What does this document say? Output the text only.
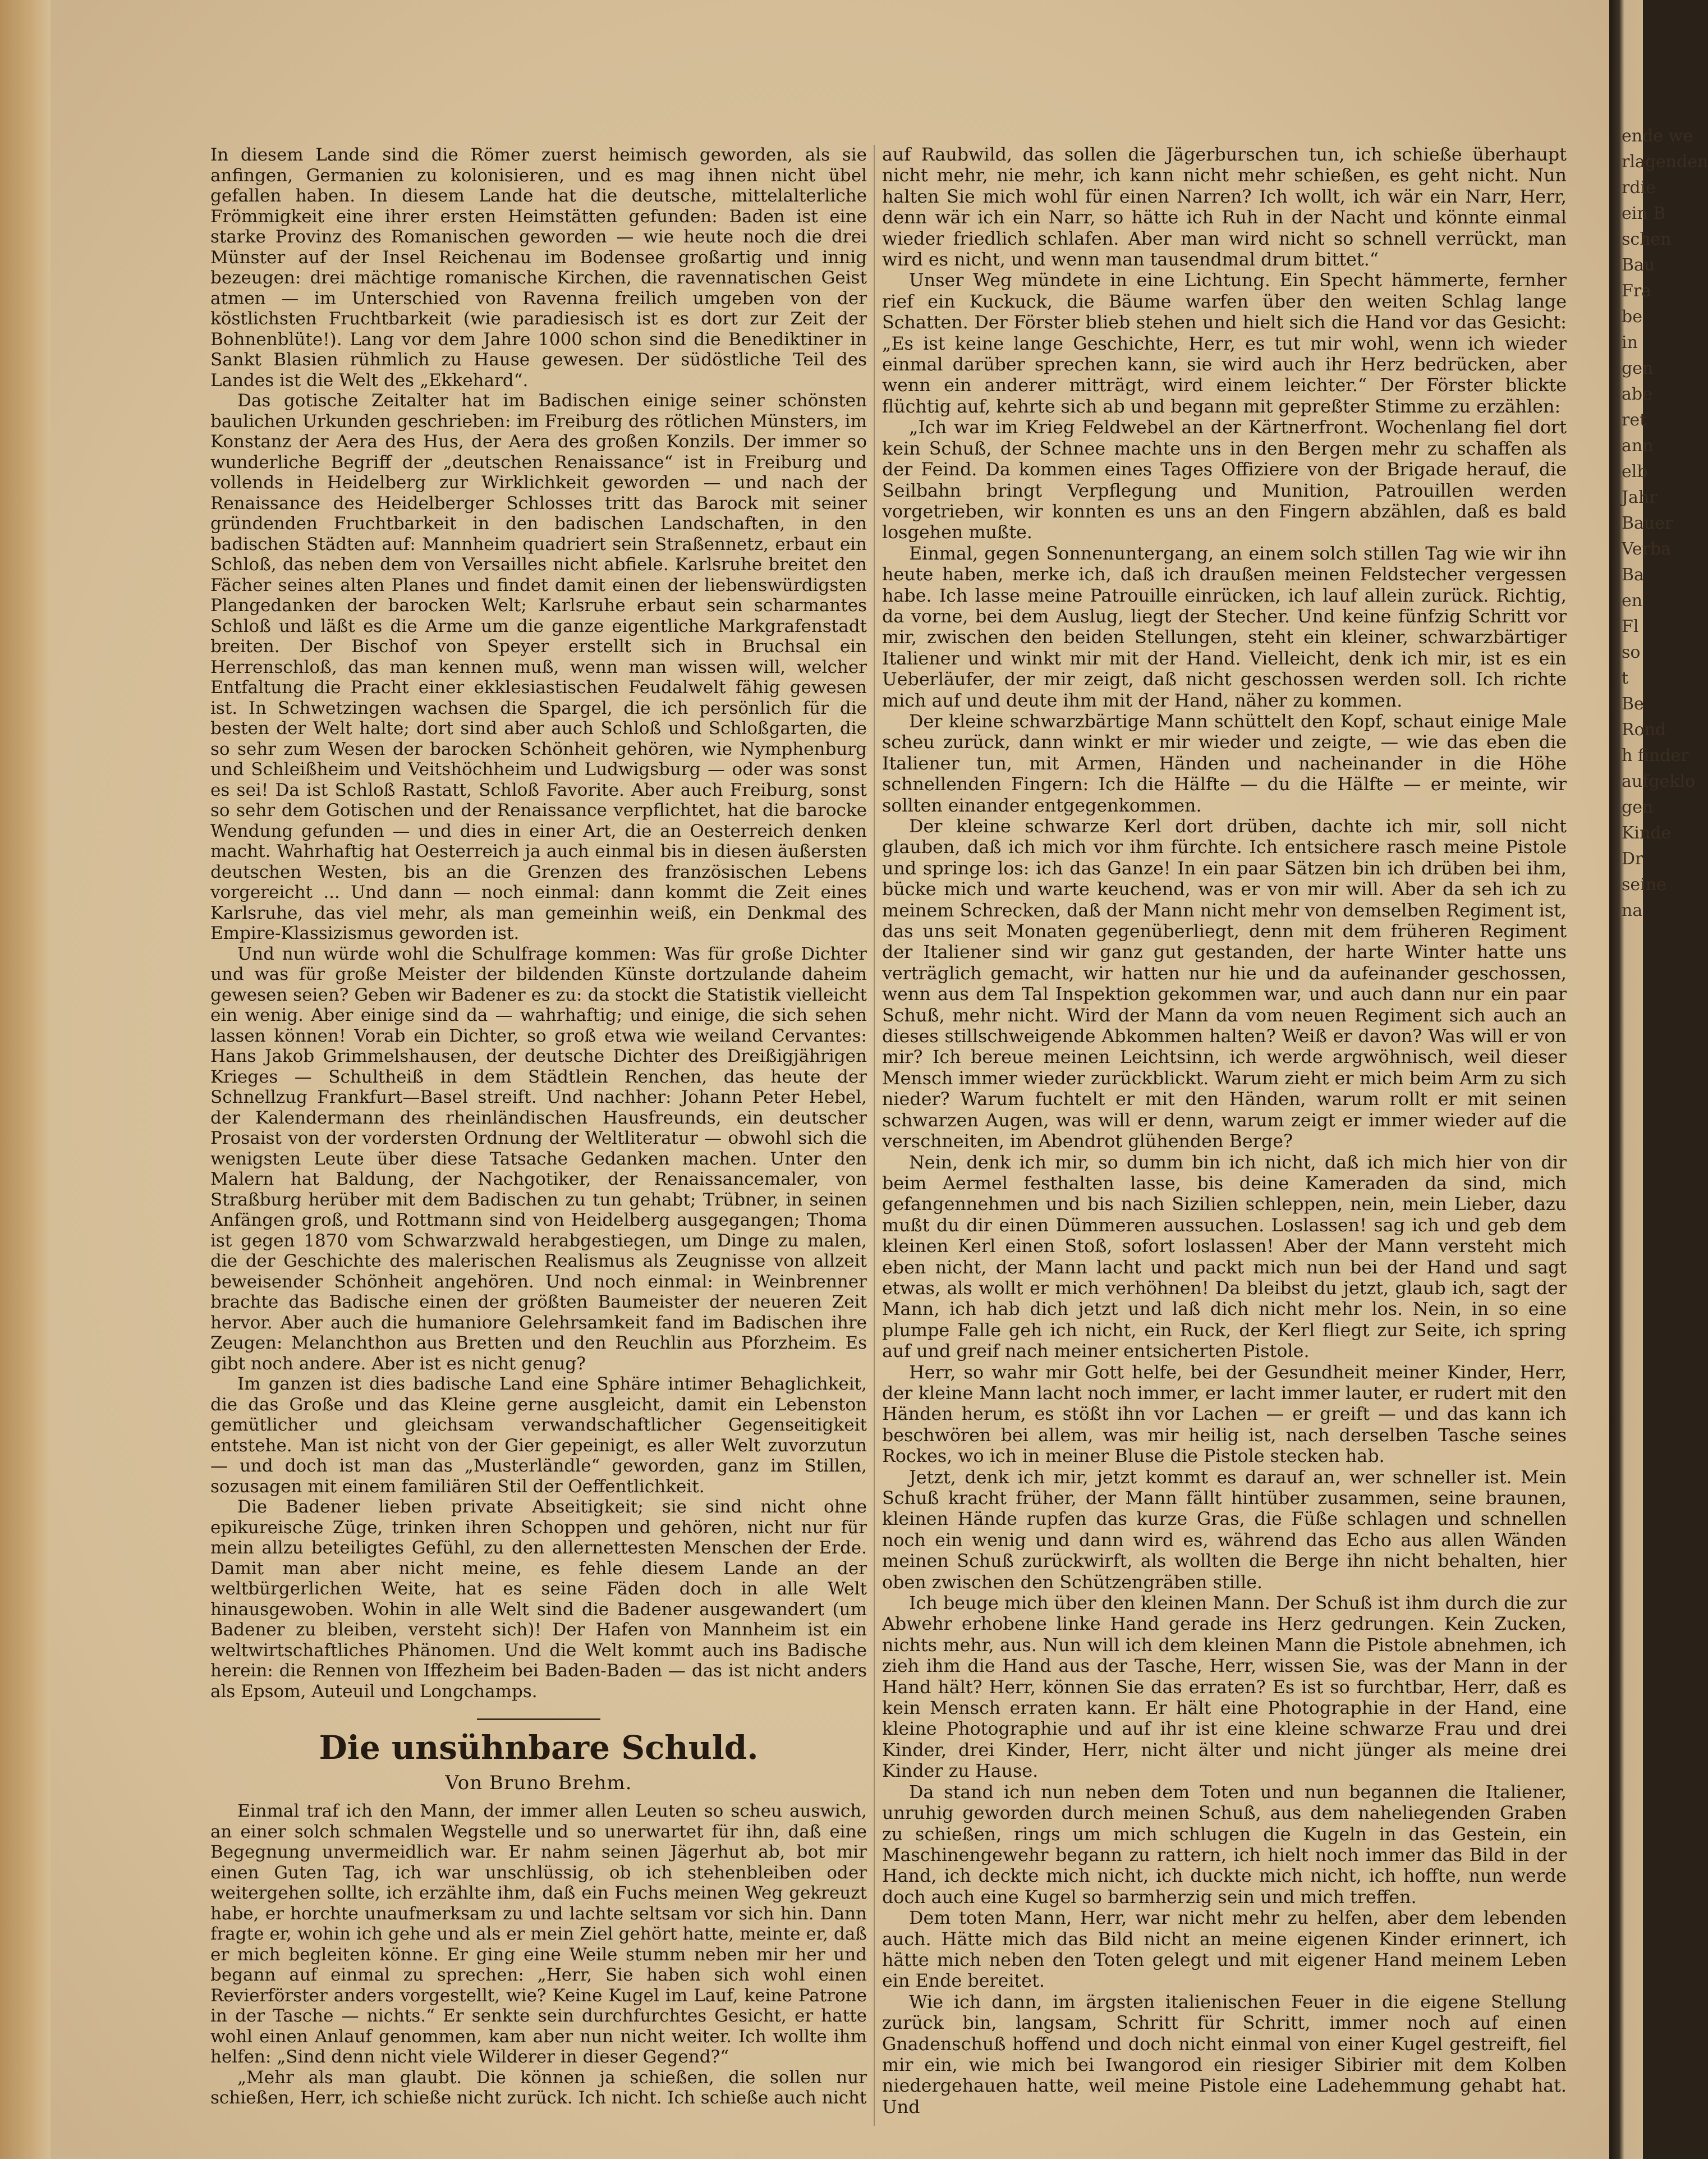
In diesem Lande sind die Römer zuerst heimisch geworden, als sie anfingen, Germanien zu kolonisieren, und es mag ihnen nicht übel gefallen haben. In diesem Lande hat die deutsche, mittelalterliche Frömmigkeit eine ihrer ersten Heimstätten gefunden: Baden ist eine starke Provinz des Romanischen geworden — wie heute noch die drei Münster auf der Insel Reichenau im Bodensee großartig und innig bezeugen: drei mächtige romanische Kirchen, die ravennatischen Geist atmen — im Unterschied von Ravenna freilich umgeben von der köstlichsten Fruchtbarkeit (wie paradiesisch ist es dort zur Zeit der Bohnenblüte!). Lang vor dem Jahre 1000 schon sind die Benediktiner in Sankt Blasien rühmlich zu Hause gewesen. Der südöstliche Teil des Landes ist die Welt des „Ekkehard“.

Das gotische Zeitalter hat im Badischen einige seiner schönsten baulichen Urkunden geschrieben: im Freiburg des rötlichen Münsters, im Konstanz der Aera des Hus, der Aera des großen Konzils. Der immer so wunderliche Begriff der „deutschen Renaissance“ ist in Freiburg und vollends in Heidelberg zur Wirklichkeit geworden — und nach der Renaissance des Heidelberger Schlosses tritt das Barock mit seiner gründenden Fruchtbarkeit in den badischen Landschaften, in den badischen Städten auf: Mannheim quadriert sein Straßennetz, erbaut ein Schloß, das neben dem von Versailles nicht abfiele. Karlsruhe breitet den Fächer seines alten Planes und findet damit einen der liebenswürdigsten Plangedanken der barocken Welt; Karlsruhe erbaut sein scharmantes Schloß und läßt es die Arme um die ganze eigentliche Markgrafenstadt breiten. Der Bischof von Speyer erstellt sich in Bruchsal ein Herrenschloß, das man kennen muß, wenn man wissen will, welcher Entfaltung die Pracht einer ekklesiastischen Feudalwelt fähig gewesen ist. In Schwetzingen wachsen die Spargel, die ich persönlich für die besten der Welt halte; dort sind aber auch Schloß und Schloßgarten, die so sehr zum Wesen der barocken Schönheit gehören, wie Nymphenburg und Schleißheim und Veitshöchheim und Ludwigsburg — oder was sonst es sei! Da ist Schloß Rastatt, Schloß Favorite. Aber auch Freiburg, sonst so sehr dem Gotischen und der Renaissance verpflichtet, hat die barocke Wendung gefunden — und dies in einer Art, die an Oesterreich denken macht. Wahrhaftig hat Oesterreich ja auch einmal bis in diesen äußersten deutschen Westen, bis an die Grenzen des französischen Lebens vorgereicht ... Und dann — noch einmal: dann kommt die Zeit eines Karlsruhe, das viel mehr, als man gemeinhin weiß, ein Denkmal des Empire-Klassizismus geworden ist.

Und nun würde wohl die Schulfrage kommen: Was für große Dichter und was für große Meister der bildenden Künste dortzulande daheim gewesen seien? Geben wir Badener es zu: da stockt die Statistik vielleicht ein wenig. Aber einige sind da — wahrhaftig; und einige, die sich sehen lassen können! Vorab ein Dichter, so groß etwa wie weiland Cervantes: Hans Jakob Grimmelshausen, der deutsche Dichter des Dreißigjährigen Krieges — Schultheiß in dem Städtlein Renchen, das heute der Schnellzug Frankfurt—Basel streift. Und nachher: Johann Peter Hebel, der Kalendermann des rheinländischen Hausfreunds, ein deutscher Prosaist von der vordersten Ordnung der Weltliteratur — obwohl sich die wenigsten Leute über diese Tatsache Gedanken machen. Unter den Malern hat Baldung, der Nachgotiker, der Renaissancemaler, von Straßburg herüber mit dem Badischen zu tun gehabt; Trübner, in seinen Anfängen groß, und Rottmann sind von Heidelberg ausgegangen; Thoma ist gegen 1870 vom Schwarzwald herabgestiegen, um Dinge zu malen, die der Geschichte des malerischen Realismus als Zeugnisse von allzeit beweisender Schönheit angehören. Und noch einmal: in Weinbrenner brachte das Badische einen der größten Baumeister der neueren Zeit hervor. Aber auch die humaniore Gelehrsamkeit fand im Badischen ihre Zeugen: Melanchthon aus Bretten und den Reuchlin aus Pforzheim. Es gibt noch andere. Aber ist es nicht genug?

Im ganzen ist dies badische Land eine Sphäre intimer Behaglichkeit, die das Große und das Kleine gerne ausgleicht, damit ein Lebenston gemütlicher und gleichsam verwandschaftlicher Gegenseitigkeit entstehe. Man ist nicht von der Gier gepeinigt, es aller Welt zuvorzutun — und doch ist man das „Musterländle“ geworden, ganz im Stillen, sozusagen mit einem familiären Stil der Oeffentlichkeit.

Die Badener lieben private Abseitigkeit; sie sind nicht ohne epikureische Züge, trinken ihren Schoppen und gehören, nicht nur für mein allzu beteiligtes Gefühl, zu den allernettesten Menschen der Erde. Damit man aber nicht meine, es fehle diesem Lande an der weltbürgerlichen Weite, hat es seine Fäden doch in alle Welt hinausgewoben. Wohin in alle Welt sind die Badener ausgewandert (um Badener zu bleiben, versteht sich)! Der Hafen von Mannheim ist ein weltwirtschaftliches Phänomen. Und die Welt kommt auch ins Badische herein: die Rennen von Iffezheim bei Baden-Baden — das ist nicht anders als Epsom, Auteuil und Longchamps.

Die unsühnbare Schuld.
Von Bruno Brehm.

Einmal traf ich den Mann, der immer allen Leuten so scheu auswich, an einer solch schmalen Wegstelle und so unerwartet für ihn, daß eine Begegnung unvermeidlich war. Er nahm seinen Jägerhut ab, bot mir einen Guten Tag, ich war unschlüssig, ob ich stehenbleiben oder weitergehen sollte, ich erzählte ihm, daß ein Fuchs meinen Weg gekreuzt habe, er horchte unaufmerksam zu und lachte seltsam vor sich hin. Dann fragte er, wohin ich gehe und als er mein Ziel gehört hatte, meinte er, daß er mich begleiten könne. Er ging eine Weile stumm neben mir her und begann auf einmal zu sprechen: „Herr, Sie haben sich wohl einen Revierförster anders vorgestellt, wie? Keine Kugel im Lauf, keine Patrone in der Tasche — nichts.“ Er senkte sein durchfurchtes Gesicht, er hatte wohl einen Anlauf genommen, kam aber nun nicht weiter. Ich wollte ihm helfen: „Sind denn nicht viele Wilderer in dieser Gegend?“

„Mehr als man glaubt. Die können ja schießen, die sollen nur schießen, Herr, ich schieße nicht zurück. Ich nicht. Ich schieße auch nicht

auf Raubwild, das sollen die Jägerburschen tun, ich schieße überhaupt nicht mehr, nie mehr, ich kann nicht mehr schießen, es geht nicht. Nun halten Sie mich wohl für einen Narren? Ich wollt, ich wär ein Narr, Herr, denn wär ich ein Narr, so hätte ich Ruh in der Nacht und könnte einmal wieder friedlich schlafen. Aber man wird nicht so schnell verrückt, man wird es nicht, und wenn man tausendmal drum bittet.“

Unser Weg mündete in eine Lichtung. Ein Specht hämmerte, fernher rief ein Kuckuck, die Bäume warfen über den weiten Schlag lange Schatten. Der Förster blieb stehen und hielt sich die Hand vor das Gesicht: „Es ist keine lange Geschichte, Herr, es tut mir wohl, wenn ich wieder einmal darüber sprechen kann, sie wird auch ihr Herz bedrücken, aber wenn ein anderer mitträgt, wird einem leichter.“ Der Förster blickte flüchtig auf, kehrte sich ab und begann mit gepreßter Stimme zu erzählen:

„Ich war im Krieg Feldwebel an der Kärtnerfront. Wochenlang fiel dort kein Schuß, der Schnee machte uns in den Bergen mehr zu schaffen als der Feind. Da kommen eines Tages Offiziere von der Brigade herauf, die Seilbahn bringt Verpflegung und Munition, Patrouillen werden vorgetrieben, wir konnten es uns an den Fingern abzählen, daß es bald losgehen mußte.

Einmal, gegen Sonnenuntergang, an einem solch stillen Tag wie wir ihn heute haben, merke ich, daß ich draußen meinen Feldstecher vergessen habe. Ich lasse meine Patrouille einrücken, ich lauf allein zurück. Richtig, da vorne, bei dem Auslug, liegt der Stecher. Und keine fünfzig Schritt vor mir, zwischen den beiden Stellungen, steht ein kleiner, schwarzbärtiger Italiener und winkt mir mit der Hand. Vielleicht, denk ich mir, ist es ein Ueberläufer, der mir zeigt, daß nicht geschossen werden soll. Ich richte mich auf und deute ihm mit der Hand, näher zu kommen.

Der kleine schwarzbärtige Mann schüttelt den Kopf, schaut einige Male scheu zurück, dann winkt er mir wieder und zeigte, — wie das eben die Italiener tun, mit Armen, Händen und nacheinander in die Höhe schnellenden Fingern: Ich die Hälfte — du die Hälfte — er meinte, wir sollten einander entgegenkommen.

Der kleine schwarze Kerl dort drüben, dachte ich mir, soll nicht glauben, daß ich mich vor ihm fürchte. Ich entsichere rasch meine Pistole und springe los: ich das Ganze! In ein paar Sätzen bin ich drüben bei ihm, bücke mich und warte keuchend, was er von mir will. Aber da seh ich zu meinem Schrecken, daß der Mann nicht mehr von demselben Regiment ist, das uns seit Monaten gegenüberliegt, denn mit dem früheren Regiment der Italiener sind wir ganz gut gestanden, der harte Winter hatte uns verträglich gemacht, wir hatten nur hie und da aufeinander geschossen, wenn aus dem Tal Inspektion gekommen war, und auch dann nur ein paar Schuß, mehr nicht. Wird der Mann da vom neuen Regiment sich auch an dieses stillschweigende Abkommen halten? Weiß er davon? Was will er von mir? Ich bereue meinen Leichtsinn, ich werde argwöhnisch, weil dieser Mensch immer wieder zurückblickt. Warum zieht er mich beim Arm zu sich nieder? Warum fuchtelt er mit den Händen, warum rollt er mit seinen schwarzen Augen, was will er denn, warum zeigt er immer wieder auf die verschneiten, im Abendrot glühenden Berge?

Nein, denk ich mir, so dumm bin ich nicht, daß ich mich hier von dir beim Aermel festhalten lasse, bis deine Kameraden da sind, mich gefangennehmen und bis nach Sizilien schleppen, nein, mein Lieber, dazu mußt du dir einen Dümmeren aussuchen. Loslassen! sag ich und geb dem kleinen Kerl einen Stoß, sofort loslassen! Aber der Mann versteht mich eben nicht, der Mann lacht und packt mich nun bei der Hand und sagt etwas, als wollt er mich verhöhnen! Da bleibst du jetzt, glaub ich, sagt der Mann, ich hab dich jetzt und laß dich nicht mehr los. Nein, in so eine plumpe Falle geh ich nicht, ein Ruck, der Kerl fliegt zur Seite, ich spring auf und greif nach meiner entsicherten Pistole.

Herr, so wahr mir Gott helfe, bei der Gesundheit meiner Kinder, Herr, der kleine Mann lacht noch immer, er lacht immer lauter, er rudert mit den Händen herum, es stößt ihn vor Lachen — er greift — und das kann ich beschwören bei allem, was mir heilig ist, nach derselben Tasche seines Rockes, wo ich in meiner Bluse die Pistole stecken hab.

Jetzt, denk ich mir, jetzt kommt es darauf an, wer schneller ist. Mein Schuß kracht früher, der Mann fällt hintüber zusammen, seine braunen, kleinen Hände rupfen das kurze Gras, die Füße schlagen und schnellen noch ein wenig und dann wird es, während das Echo aus allen Wänden meinen Schuß zurückwirft, als wollten die Berge ihn nicht behalten, hier oben zwischen den Schützengräben stille.

Ich beuge mich über den kleinen Mann. Der Schuß ist ihm durch die zur Abwehr erhobene linke Hand gerade ins Herz gedrungen. Kein Zucken, nichts mehr, aus. Nun will ich dem kleinen Mann die Pistole abnehmen, ich zieh ihm die Hand aus der Tasche, Herr, wissen Sie, was der Mann in der Hand hält? Herr, können Sie das erraten? Es ist so furchtbar, Herr, daß es kein Mensch erraten kann. Er hält eine Photographie in der Hand, eine kleine Photographie und auf ihr ist eine kleine schwarze Frau und drei Kinder, drei Kinder, Herr, nicht älter und nicht jünger als meine drei Kinder zu Hause.

Da stand ich nun neben dem Toten und nun begannen die Italiener, unruhig geworden durch meinen Schuß, aus dem naheliegenden Graben zu schießen, rings um mich schlugen die Kugeln in das Gestein, ein Maschinengewehr begann zu rattern, ich hielt noch immer das Bild in der Hand, ich deckte mich nicht, ich duckte mich nicht, ich hoffte, nun werde doch auch eine Kugel so barmherzig sein und mich treffen.

Dem toten Mann, Herr, war nicht mehr zu helfen, aber dem lebenden auch. Hätte mich das Bild nicht an meine eigenen Kinder erinnert, ich hätte mich neben den Toten gelegt und mit eigener Hand meinem Leben ein Ende bereitet.

Wie ich dann, im ärgsten italienischen Feuer in die eigene Stellung zurück bin, langsam, Schritt für Schritt, immer noch auf einen Gnadenschuß hoffend und doch nicht einmal von einer Kugel gestreift, fiel mir ein, wie mich bei Iwangorod ein riesiger Sibirier mit dem Kolben niedergehauen hatte, weil meine Pistole eine Ladehemmung gehabt hat. Und

ende we
rlagenden
rdie
ein B
schen
Bau
Fra
be
in
gen
abe
ret
ann
elb
Jahr
Bauer
Verba
Ba
en
Fl
so
t
Be
Rond
h finder
aufgeklo
gen
Kinde
Dr
seine
na
